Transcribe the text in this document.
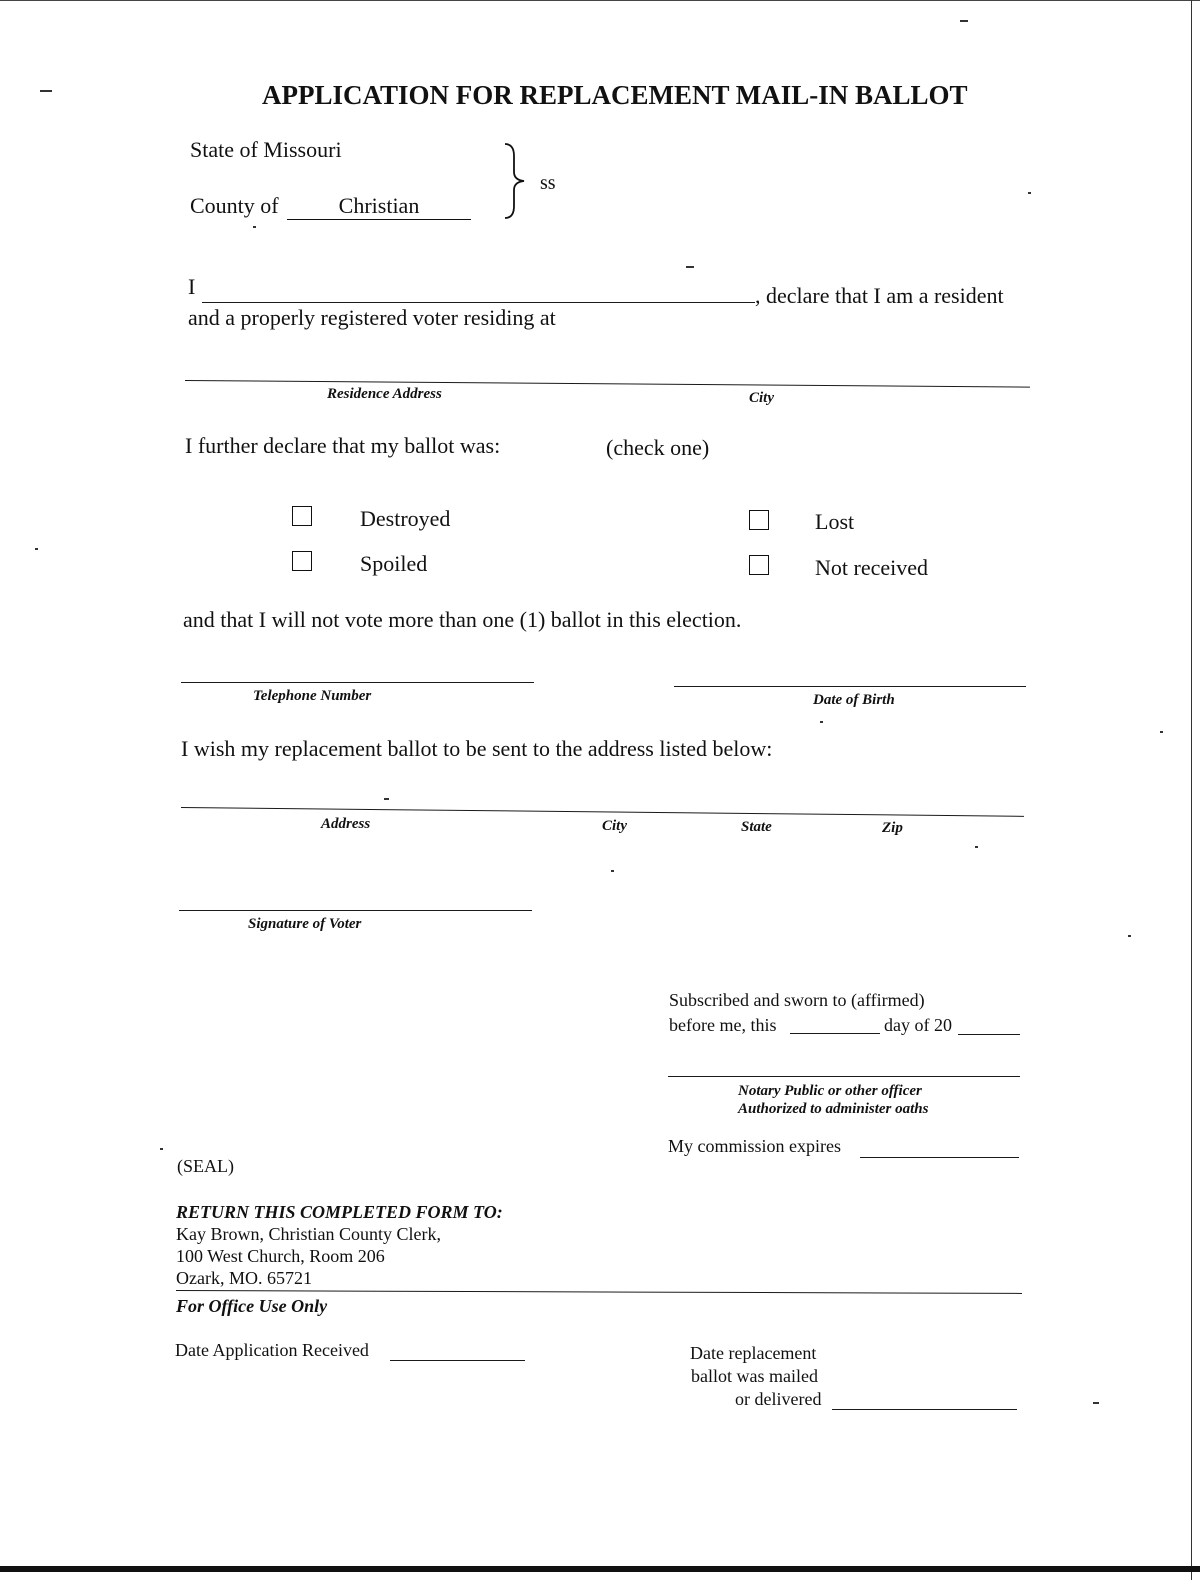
APPLICATION FOR REPLACEMENT MAIL-IN BALLOT
State of Missouri
County of	Christian
ss
I	, declare that I am a resident
and a properly registered voter residing at
Residence Address	City
I further declare that my ballot was:	(check one)
Destroyed	Lost
Spoiled	Not received
and that I will not vote more than one (1) ballot in this election.
Telephone Number	Date of Birth
I wish my replacement ballot to be sent to the address listed below:
Address	City	State	Zip
Signature of Voter
Subscribed and sworn to (affirmed)
before me, this	day of 20
Notary Public or other officer
Authorized to administer oaths
My commission expires
(SEAL)
RETURN THIS COMPLETED FORM TO:
Kay Brown, Christian County Clerk,
100 West Church, Room 206
Ozark, MO. 65721
For Office Use Only
Date Application Received	Date replacement
ballot was mailed
or delivered
